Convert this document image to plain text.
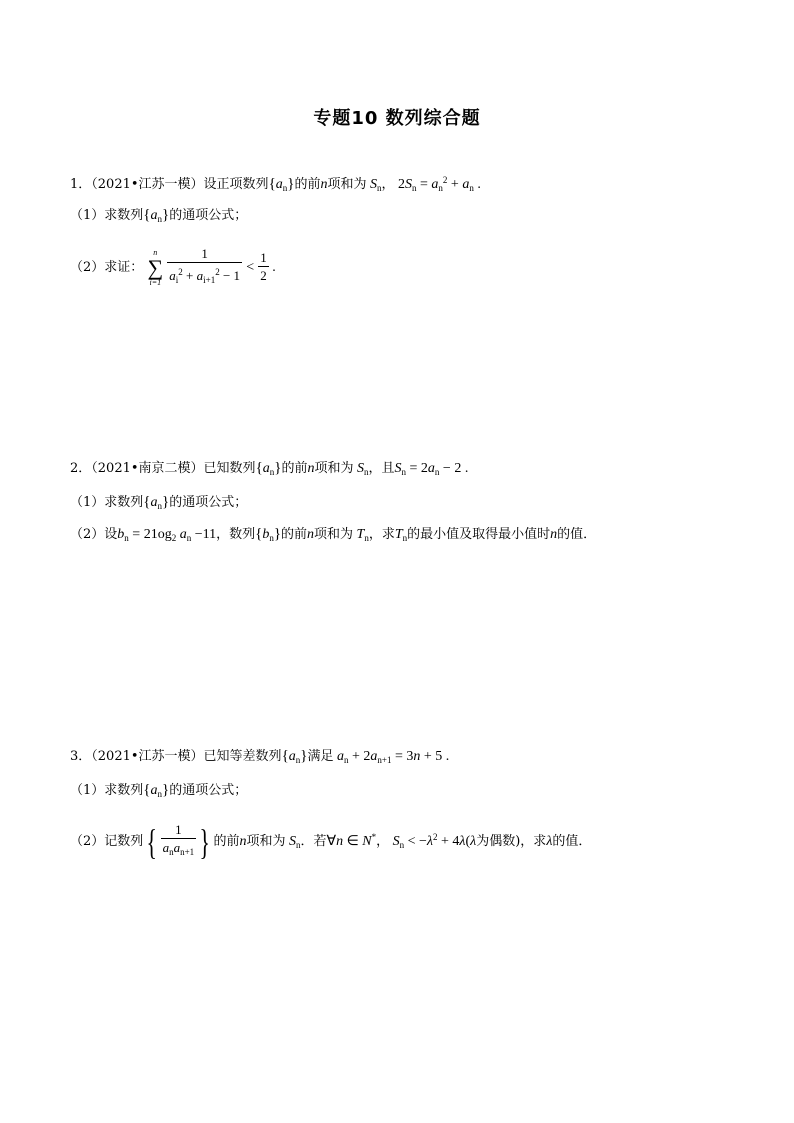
专题10 数列综合题
1．（2021•江苏一模）设正项数列$\{a_n\}$的前n项和为 $S_n$， $2S_n = a_n^2 + a_n$ .
（1）求数列$\{a_n\}$的通项公式；
（2）求证：
n
∑
i=1
$\frac{1}{a_i^2 + a_{i+1}^2 - 1} < \frac{1}{2}$ .
2．（2021•南京二模）已知数列$\{a_n\}$的前n项和为 $S_n$，且$S_n = 2a_n - 2$ .
（1）求数列$\{a_n\}$的通项公式；
（2）设$b_n = 21og_2$ $a_n -11$，数列$\{b_n\}$的前n项和为 $T_n$，求$T_n$的最小值及取得最小值时n的值．
3．（2021•江苏一模）已知等差数列$\{a_n\}$满足 $a_n + 2a_{n+1} = 3n + 5$ .
（1）求数列$\{a_n\}$的通项公式；
（2）记数列{ $\frac{1}{a_na_{n+1}}$ } 的前n项和为 $S_n$．若∀n ∈ N*， $S_n < -\lambda^2 + 4\lambda(\lambda$为偶数)，求λ的值．
